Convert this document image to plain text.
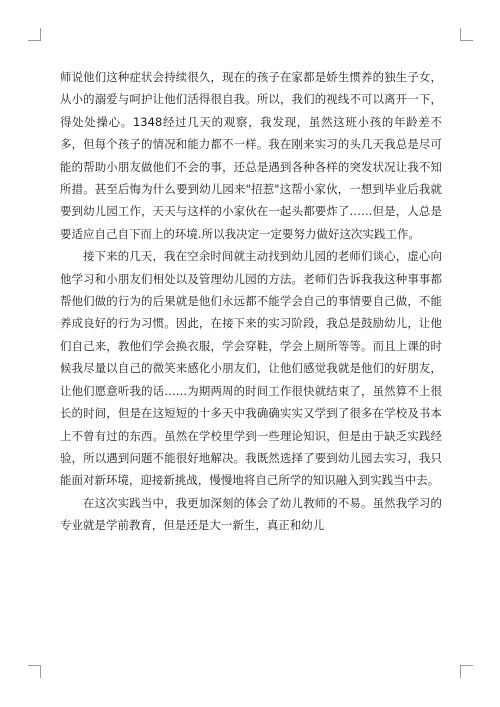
师说他们这种症状会持续很久，现在的孩子在家都是娇生惯养的独生子女，从小的溺爱与呵护让他们活得很自我。所以，我们的视线不可以离开一下，得处处操心。1348经过几天的观察，我发现，虽然这班小孩的年龄差不多，但每个孩子的情况和能力都不一样。我在刚来实习的头几天我总是尽可能的帮助小朋友做他们不会的事，还总是遇到各种各样的突发状况让我不知所措。甚至后悔为什么要到幼儿园来"招惹"这帮小家伙，一想到毕业后我就要到幼儿园工作，天天与这样的小家伙在一起头都要炸了……但是，人总是要适应自己自下而上的环境.所以我决定一定要努力做好这次实践工作。

接下来的几天，我在空余时间就主动找到幼儿园的老师们谈心，虚心向他学习和小朋友们相处以及管理幼儿园的方法。老师们告诉我我这种事事都帮他们做的行为的后果就是他们永远都不能学会自己的事情要自己做，不能养成良好的行为习惯。因此，在接下来的实习阶段，我总是鼓励幼儿，让他们自己来，教他们学会换衣服，学会穿鞋，学会上厕所等等。而且上课的时候我尽量以自己的微笑来感化小朋友们，让他们感觉我就是他们的好朋友，让他们愿意听我的话……为期两周的时间工作很快就结束了，虽然算不上很长的时间，但是在这短短的十多天中我确确实实又学到了很多在学校及书本上不曾有过的东西。虽然在学校里学到一些理论知识，但是由于缺乏实践经验，所以遇到问题不能很好地解决。我既然选择了要到幼儿园去实习，我只能面对新环境，迎接新挑战，慢慢地将自己所学的知识融入到实践当中去。

在这次实践当中，我更加深刻的体会了幼儿教师的不易。虽然我学习的专业就是学前教育，但是还是大一新生，真正和幼儿
